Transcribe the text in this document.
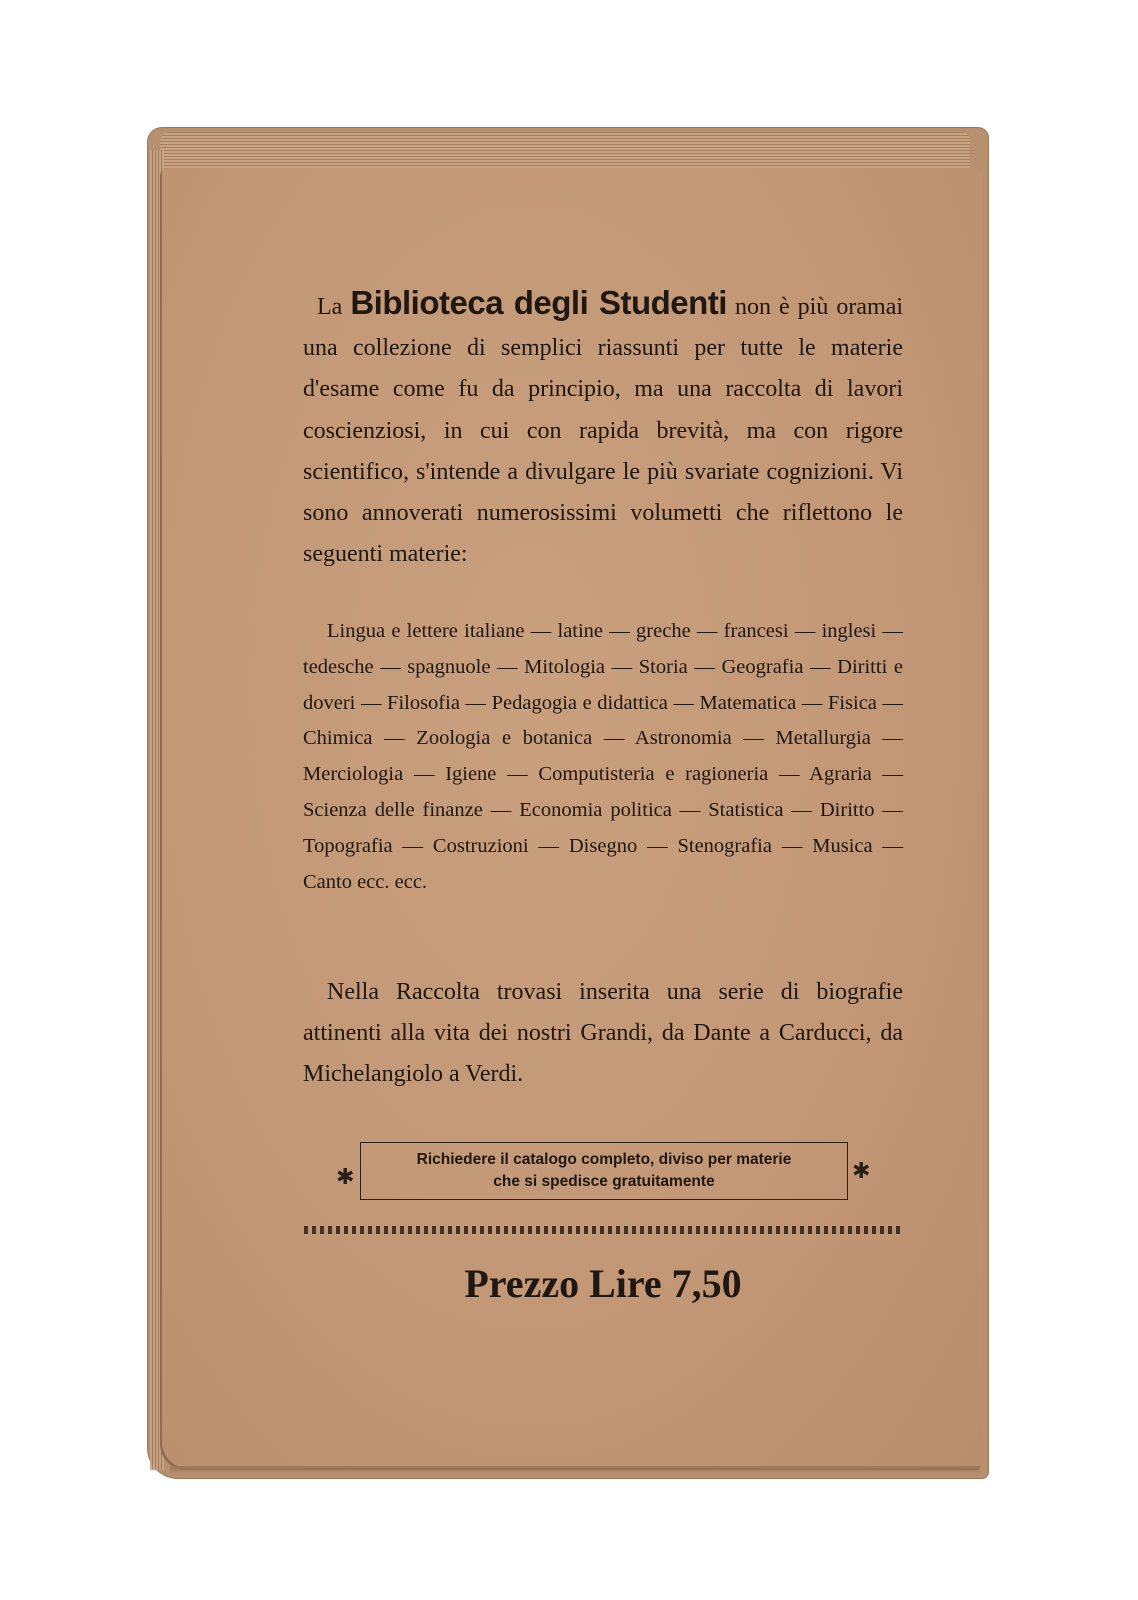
La Biblioteca degli Studenti non è più oramai una collezione di semplici riassunti per tutte le materie d'esame come fu da principio, ma una raccolta di lavori coscienziosi, in cui con rapida brevità, ma con rigore scientifico, s'intende a divulgare le più svariate cognizioni. Vi sono annoverati numerosissimi volumetti che riflettono le seguenti materie:
Lingua e lettere italiane — latine — greche — francesi — inglesi — tedesche — spagnuole — Mitologia — Storia — Geografia — Diritti e doveri — Filosofia — Pedagogia e didattica — Matematica — Fisica — Chimica — Zoologia e botanica — Astronomia — Metallurgia — Merciologia — Igiene — Computisteria e ragioneria — Agraria — Scienza delle finanze — Economia politica — Statistica — Diritto — Topografia — Costruzioni — Disegno — Stenografia — Musica — Canto ecc. ecc.
Nella Raccolta trovasi inserita una serie di biografie attinenti alla vita dei nostri Grandi, da Dante a Carducci, da Michelangiolo a Verdi.
✱
Richiedere il catalogo completo, diviso per materie
che si spedisce gratuitamente	✱
Prezzo Lire 7,50
